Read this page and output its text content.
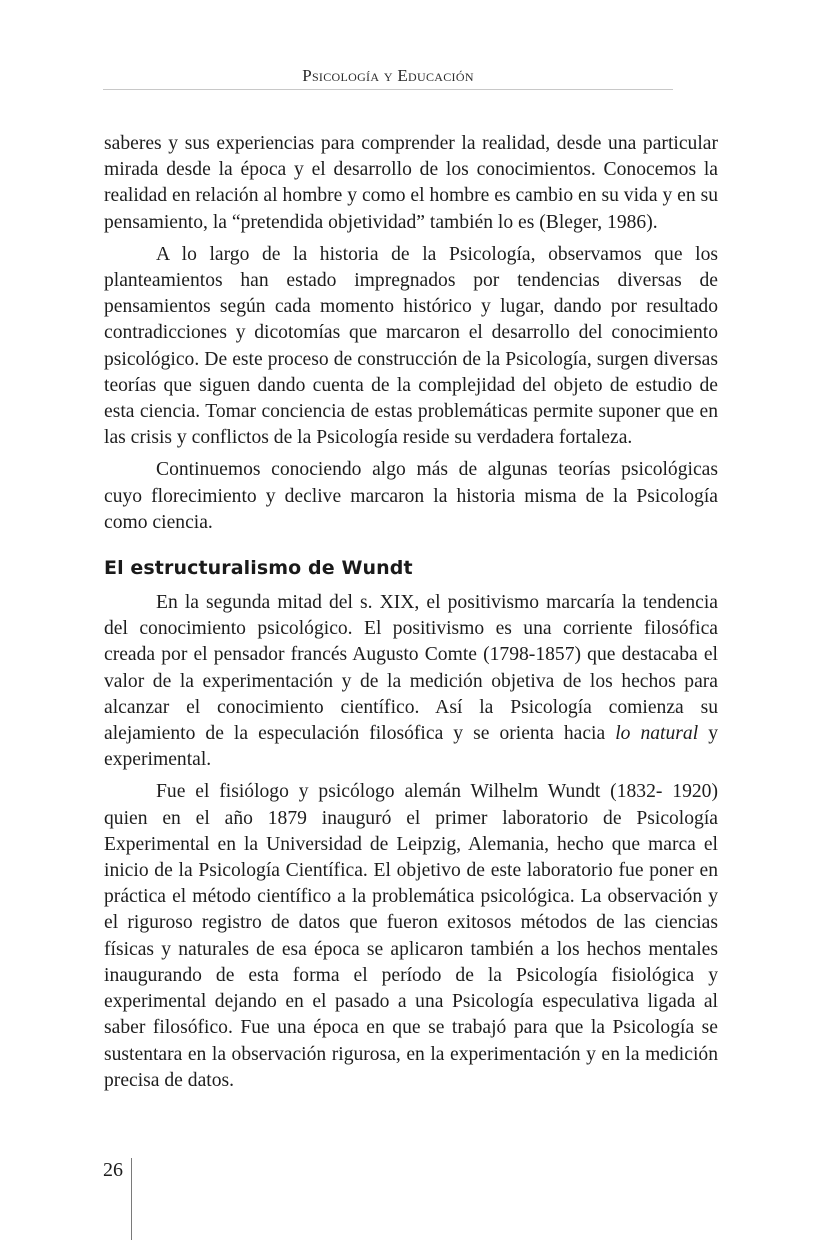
Psicología y Educación

saberes y sus experiencias para comprender la realidad, desde una particular mirada desde la época y el desarrollo de los conocimientos. Conocemos la realidad en relación al hombre y como el hombre es cambio en su vida y en su pensamiento, la “pretendida objetividad” también lo es (Bleger, 1986).

A lo largo de la historia de la Psicología, observamos que los planteamientos han estado impregnados por tendencias diversas de pensamientos según cada momento histórico y lugar, dando por resultado contradicciones y dicotomías que marcaron el desarrollo del conocimiento psicológico. De este proceso de construcción de la Psicología, surgen diversas teorías que siguen dando cuenta de la complejidad del objeto de estudio de esta ciencia. Tomar conciencia de estas problemáticas permite suponer que en las crisis y conflictos de la Psicología reside su verdadera fortaleza.

Continuemos conociendo algo más de algunas teorías psicológicas cuyo florecimiento y declive marcaron la historia misma de la Psicología como ciencia.

El estructuralismo de Wundt

En la segunda mitad del s. XIX, el positivismo marcaría la tendencia del conocimiento psicológico. El positivismo es una corriente filosófica creada por el pensador francés Augusto Comte (1798-1857) que destacaba el valor de la experimentación y de la medición objetiva de los hechos para alcanzar el conocimiento científico. Así la Psicología comienza su alejamiento de la especulación filosófica y se orienta hacia lo natural y experimental.

Fue el fisiólogo y psicólogo alemán Wilhelm Wundt (1832- 1920) quien en el año 1879 inauguró el primer laboratorio de Psicología Experimental en la Universidad de Leipzig, Alemania, hecho que marca el inicio de la Psicología Científica. El objetivo de este laboratorio fue poner en práctica el método científico a la problemática psicológica. La observación y el riguroso registro de datos que fueron exitosos métodos de las ciencias físicas y naturales de esa época se aplicaron también a los hechos mentales inaugurando de esta forma el período de la Psicología fisiológica y experimental dejando en el pasado a una Psicología especulativa ligada al saber filosófico. Fue una época en que se trabajó para que la Psicología se sustentara en la observación rigurosa, en la experimentación y en la medición precisa de datos.

26
